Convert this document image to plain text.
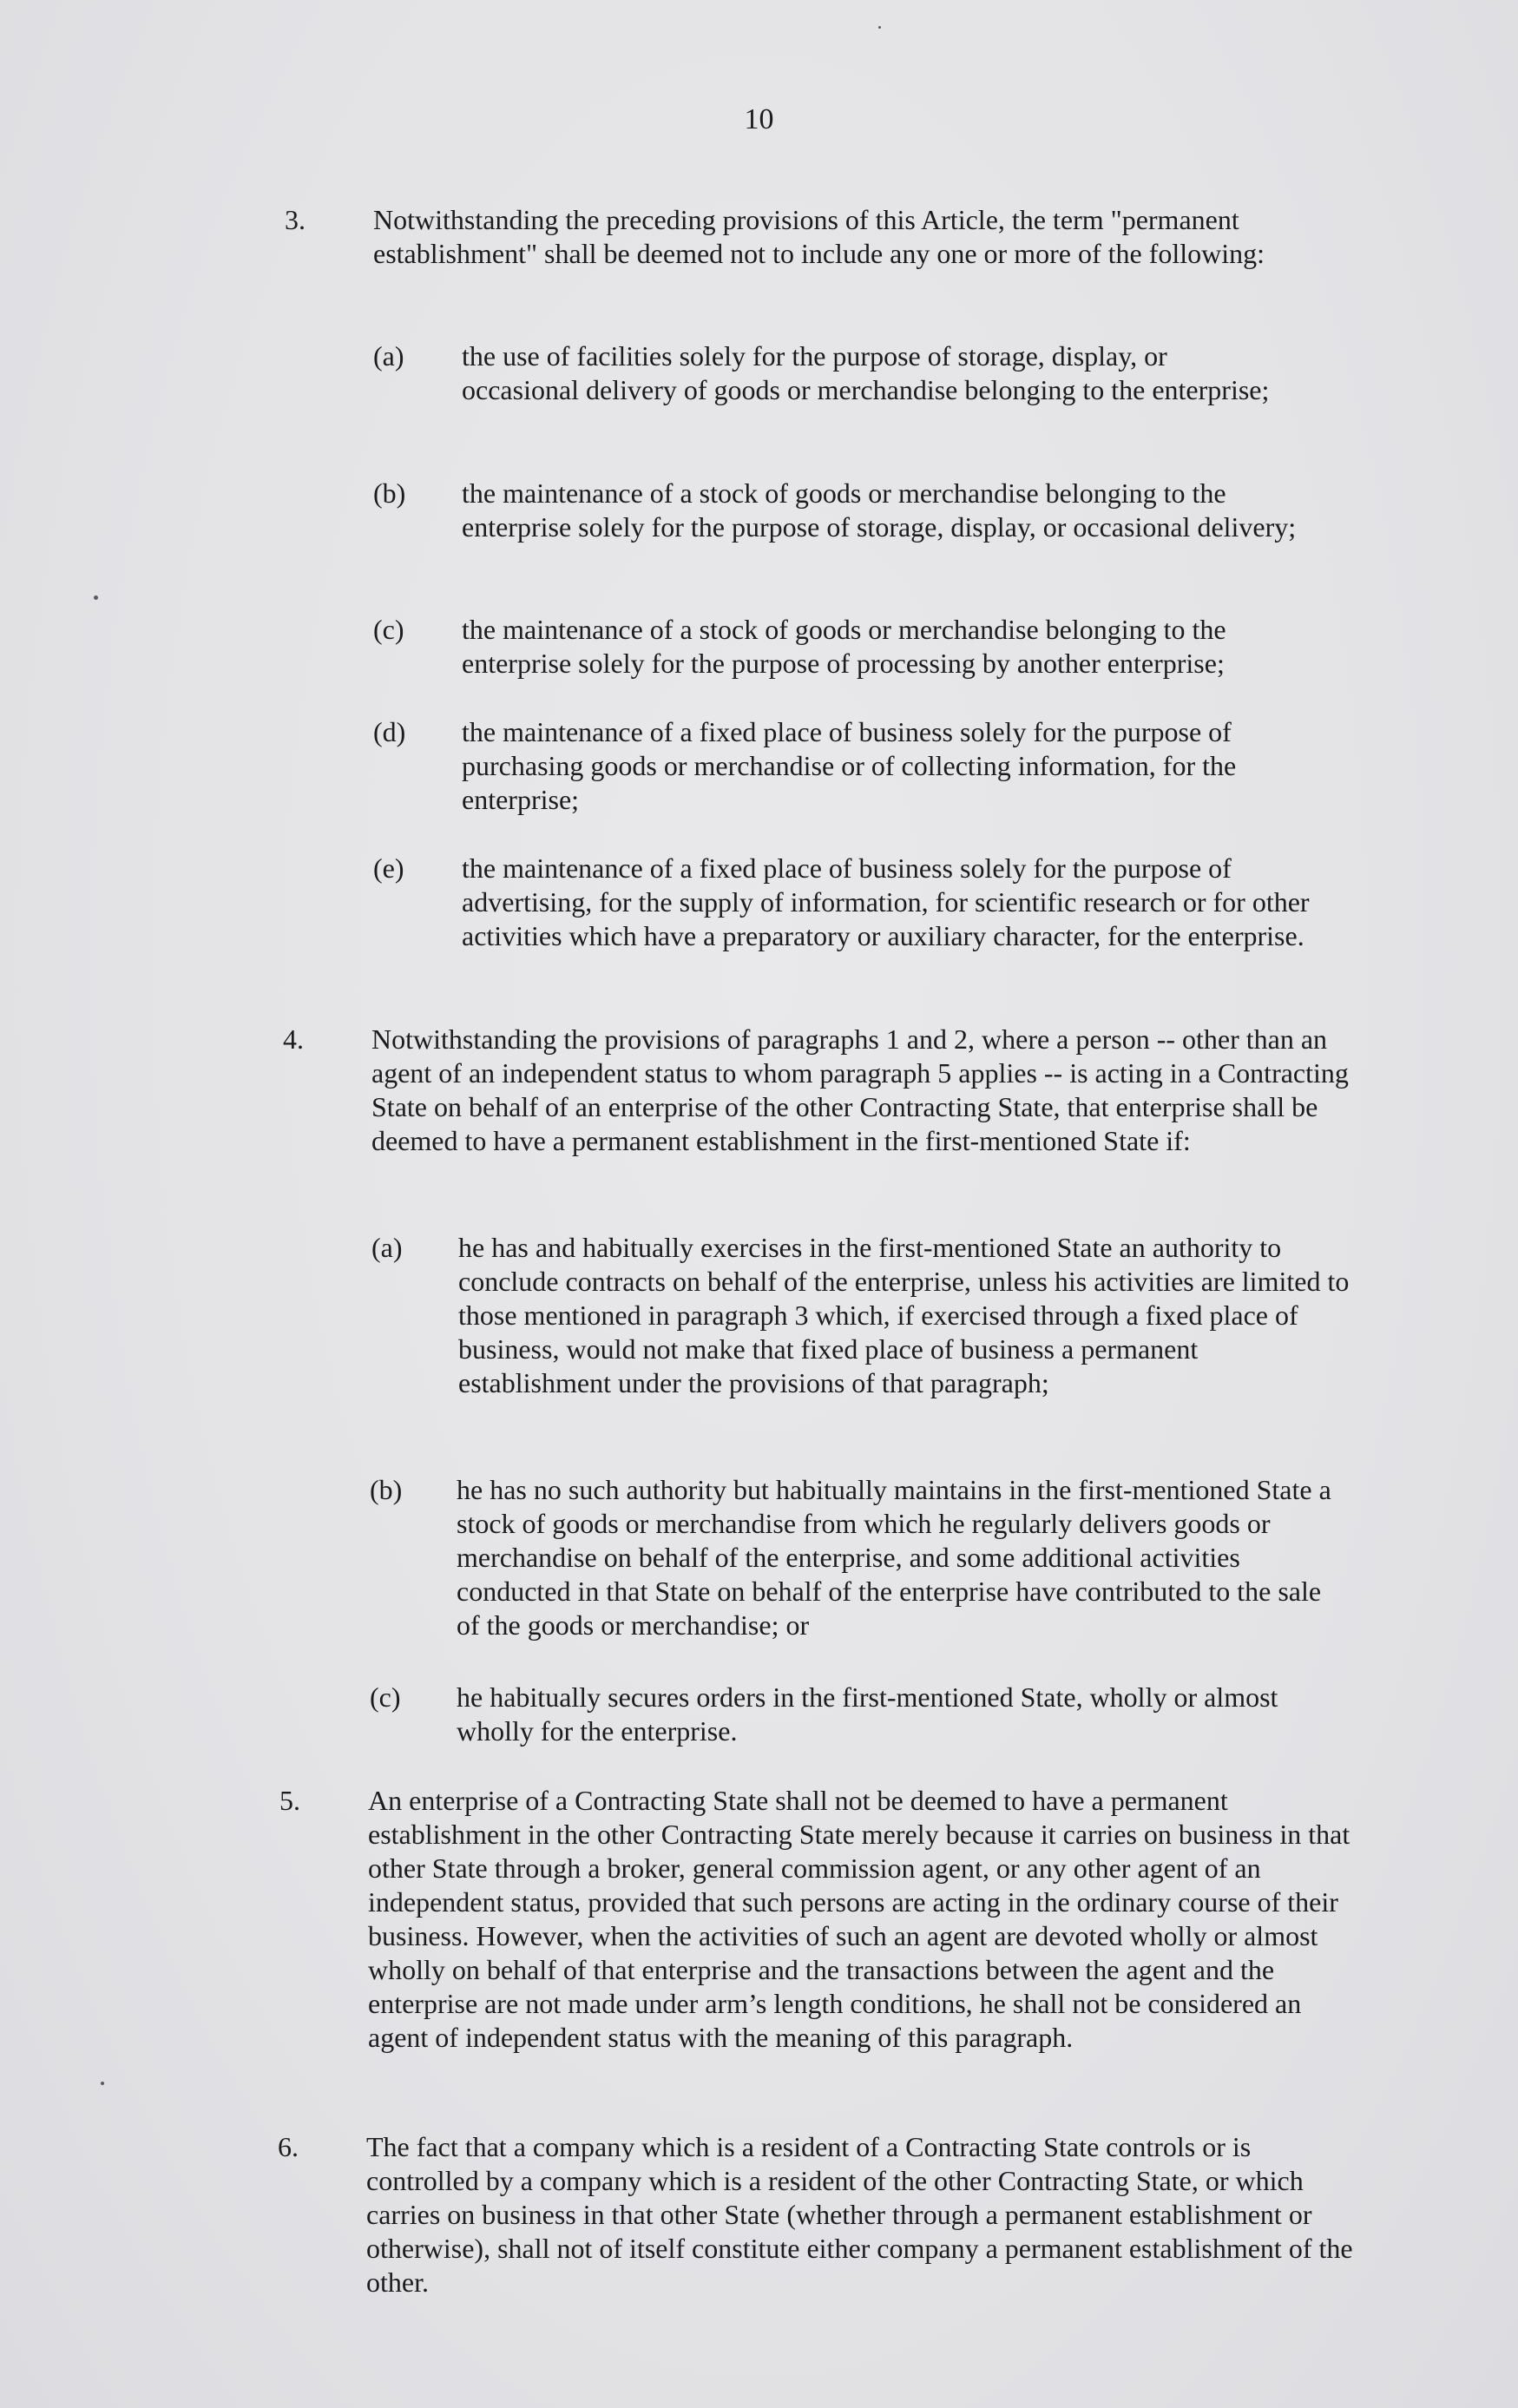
10
3. Notwithstanding the preceding provisions of this Article, the term "permanent establishment" shall be deemed not to include any one or more of the following:
(a) the use of facilities solely for the purpose of storage, display, or occasional delivery of goods or merchandise belonging to the enterprise;
(b) the maintenance of a stock of goods or merchandise belonging to the enterprise solely for the purpose of storage, display, or occasional delivery;
(c) the maintenance of a stock of goods or merchandise belonging to the enterprise solely for the purpose of processing by another enterprise;
(d) the maintenance of a fixed place of business solely for the purpose of purchasing goods or merchandise or of collecting information, for the enterprise;
(e) the maintenance of a fixed place of business solely for the purpose of advertising, for the supply of information, for scientific research or for other activities which have a preparatory or auxiliary character, for the enterprise.
4. Notwithstanding the provisions of paragraphs 1 and 2, where a person -- other than an agent of an independent status to whom paragraph 5 applies -- is acting in a Contracting State on behalf of an enterprise of the other Contracting State, that enterprise shall be deemed to have a permanent establishment in the first-mentioned State if:
(a) he has and habitually exercises in the first-mentioned State an authority to conclude contracts on behalf of the enterprise, unless his activities are limited to those mentioned in paragraph 3 which, if exercised through a fixed place of business, would not make that fixed place of business a permanent establishment under the provisions of that paragraph;
(b) he has no such authority but habitually maintains in the first-mentioned State a stock of goods or merchandise from which he regularly delivers goods or merchandise on behalf of the enterprise, and some additional activities conducted in that State on behalf of the enterprise have contributed to the sale of the goods or merchandise; or
(c) he habitually secures orders in the first-mentioned State, wholly or almost wholly for the enterprise.
5. An enterprise of a Contracting State shall not be deemed to have a permanent establishment in the other Contracting State merely because it carries on business in that other State through a broker, general commission agent, or any other agent of an independent status, provided that such persons are acting in the ordinary course of their business. However, when the activities of such an agent are devoted wholly or almost wholly on behalf of that enterprise and the transactions between the agent and the enterprise are not made under arm’s length conditions, he shall not be considered an agent of independent status with the meaning of this paragraph.
6. The fact that a company which is a resident of a Contracting State controls or is controlled by a company which is a resident of the other Contracting State, or which carries on business in that other State (whether through a permanent establishment or otherwise), shall not of itself constitute either company a permanent establishment of the other.
